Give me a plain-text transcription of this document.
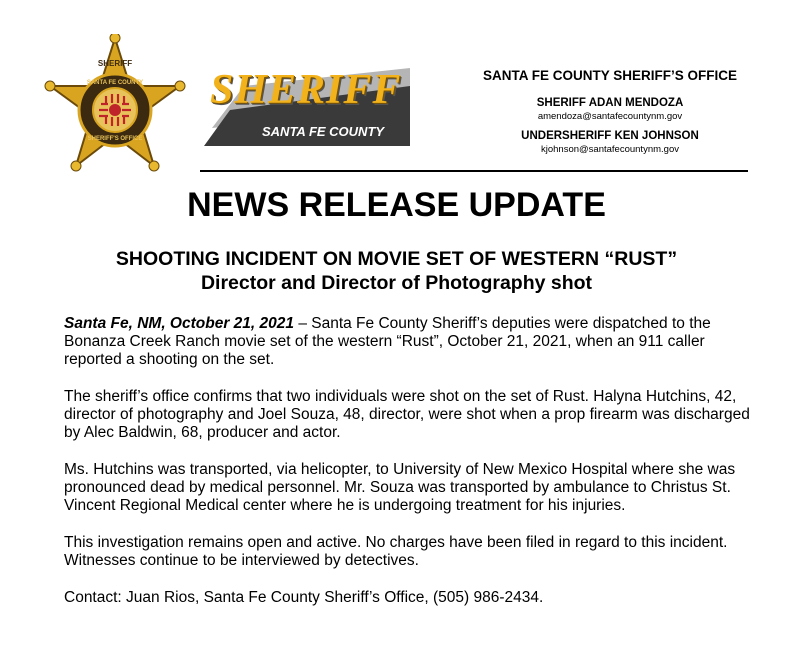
SHERIFF
SANTA FE COUNTY
SHERIFF'S OFFICE
SHERIFF
SANTA FE COUNTY
SANTA FE COUNTY SHERIFF’S OFFICE
SHERIFF ADAN MENDOZA
amendoza@santafecountynm.gov
UNDERSHERIFF KEN JOHNSON
kjohnson@santafecountynm.gov
NEWS RELEASE UPDATE
SHOOTING INCIDENT ON MOVIE SET OF WESTERN “RUST”
Director and Director of Photography shot

Santa Fe, NM, October 21, 2021 – Santa Fe County Sheriff’s deputies were dispatched to the Bonanza Creek Ranch movie set of the western “Rust”, October 21, 2021, when an 911 caller reported a shooting on the set.

The sheriff’s office confirms that two individuals were shot on the set of Rust. Halyna Hutchins, 42, director of photography and Joel Souza, 48, director, were shot when a prop firearm was discharged by Alec Baldwin, 68, producer and actor.

Ms. Hutchins was transported, via helicopter, to University of New Mexico Hospital where she was pronounced dead by medical personnel. Mr. Souza was transported by ambulance to Christus St. Vincent Regional Medical center where he is undergoing treatment for his injuries.

This investigation remains open and active. No charges have been filed in regard to this incident. Witnesses continue to be interviewed by detectives.

Contact: Juan Rios, Santa Fe County Sheriff’s Office, (505) 986-2434.
